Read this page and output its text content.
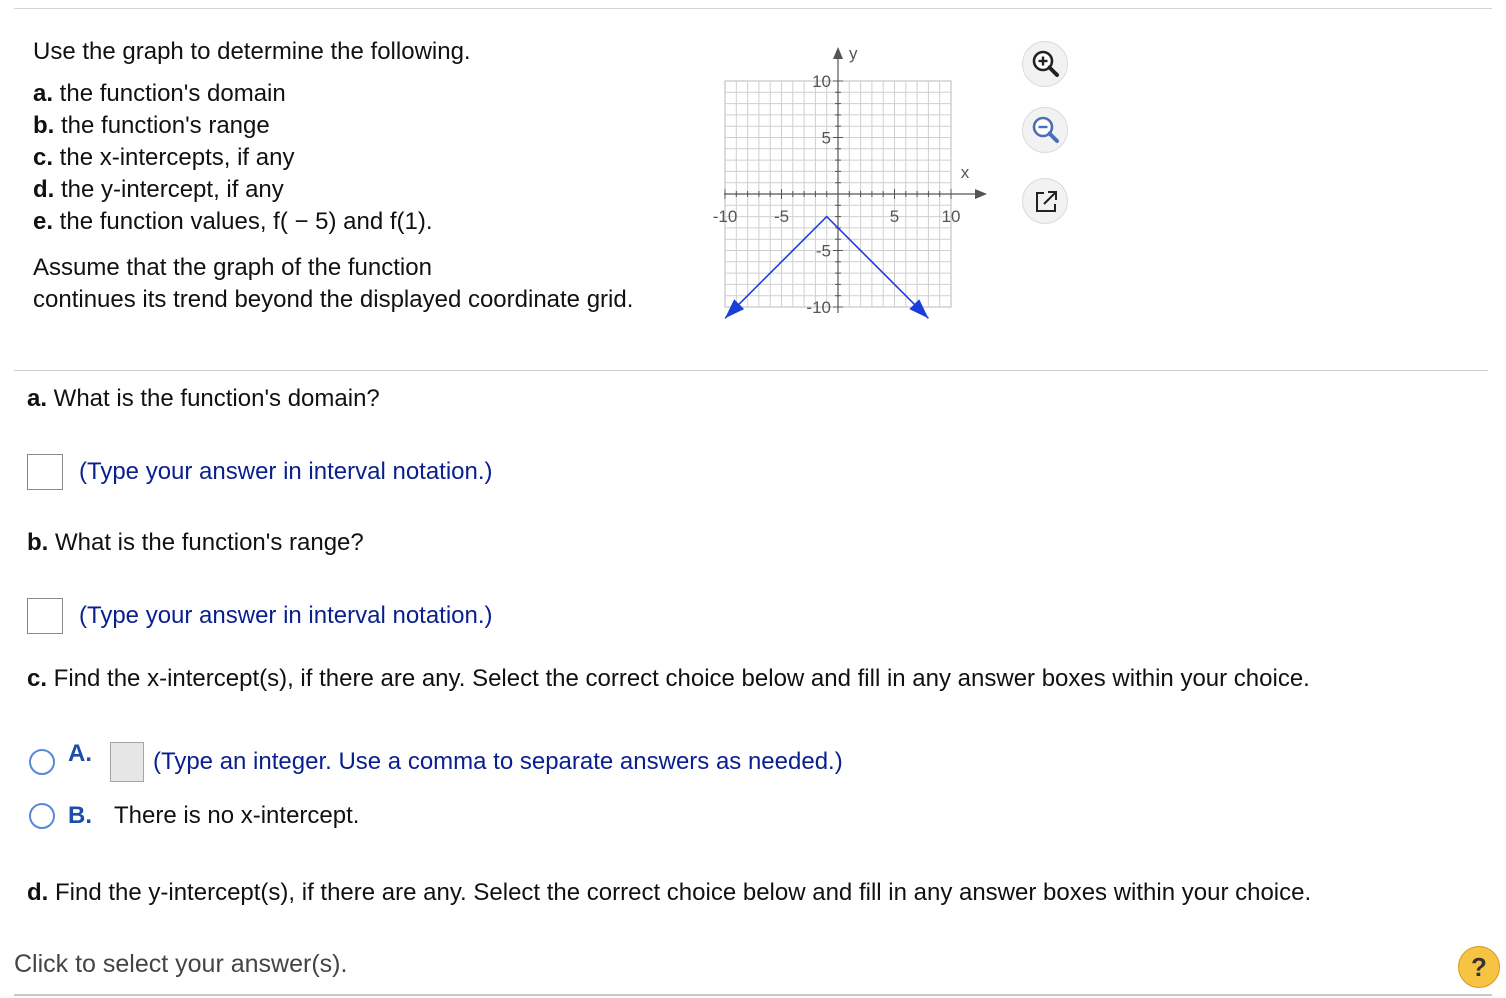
Use the graph to determine the following.
a. the function's domain
b. the function's range
c. the x-intercepts, if any
d. the y-intercept, if any
e. the function values, f( − 5) and f(1).
Assume that the graph of the function
continues its trend beyond the displayed coordinate grid.
-10 -5	5 10
10
5
-5
-10
x
y
a. What is the function's domain?
(Type your answer in interval notation.)
b. What is the function's range?
(Type your answer in interval notation.)
c. Find the x-intercept(s), if there are any. Select the correct choice below and fill in any answer boxes within your choice.
A.	(Type an integer. Use a comma to separate answers as needed.)
B. There is no x-intercept.
d. Find the y-intercept(s), if there are any. Select the correct choice below and fill in any answer boxes within your choice.
Click to select your answer(s).	?
